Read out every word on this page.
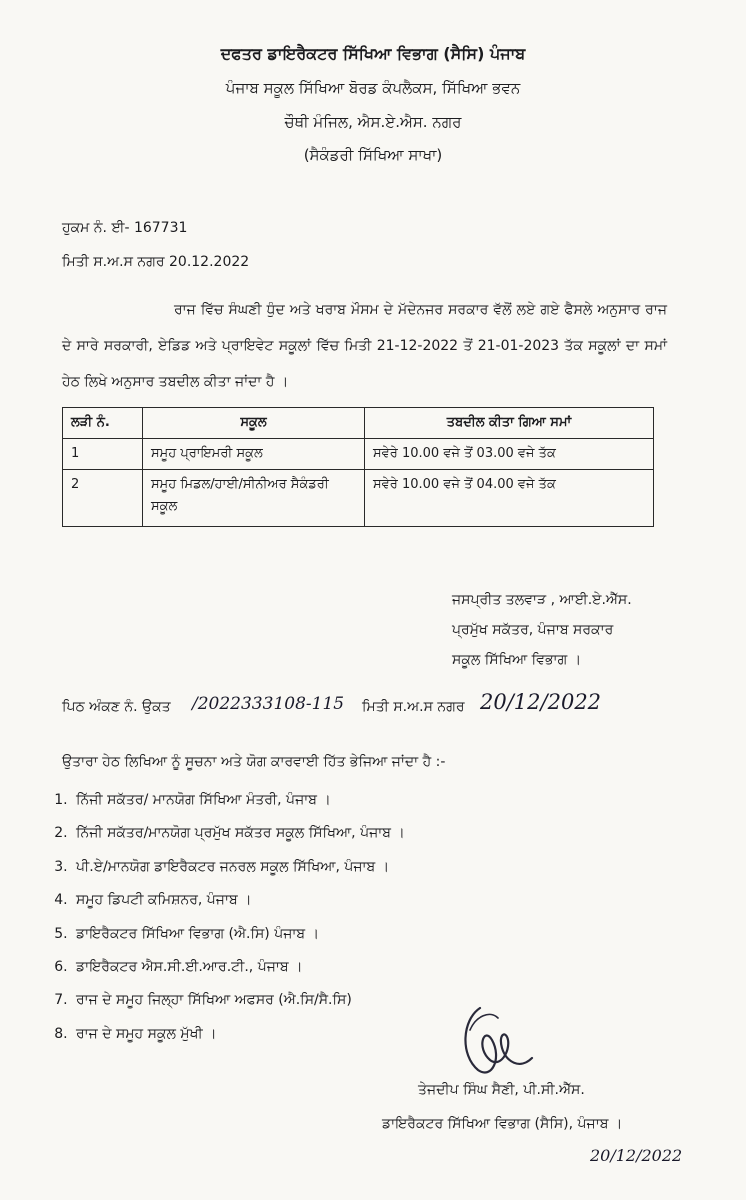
ਦਫਤਰ ਡਾਇਰੈਕਟਰ ਸਿੱਖਿਆ ਵਿਭਾਗ (ਸੈਸਿ) ਪੰਜਾਬ
ਪੰਜਾਬ ਸਕੂਲ ਸਿੱਖਿਆ ਬੋਰਡ ਕੰਪਲੈਕਸ, ਸਿੱਖਿਆ ਭਵਨ
ਚੌਥੀ ਮੰਜਿਲ, ਐਸ.ਏ.ਐਸ. ਨਗਰ
(ਸੈਕੰਡਰੀ ਸਿੱਖਿਆ ਸਾਖਾ)
ਹੁਕਮ ਨੰ. ਈ- 167731
ਮਿਤੀ ਸ.ਅ.ਸ ਨਗਰ 20.12.2022
ਰਾਜ ਵਿੱਚ ਸੰਘਣੀ ਧੁੰਦ ਅਤੇ ਖਰਾਬ ਮੌਸਮ ਦੇ ਮੱਦੇਨਜਰ ਸਰਕਾਰ ਵੱਲੋਂ ਲਏ ਗਏ ਫੈਸਲੇ ਅਨੁਸਾਰ ਰਾਜ ਦੇ ਸਾਰੇ ਸਰਕਾਰੀ, ਏਡਿਡ ਅਤੇ ਪ੍ਰਾਇਵੇਟ ਸਕੂਲਾਂ ਵਿੱਚ ਮਿਤੀ 21-12-2022 ਤੋਂ 21-01-2023 ਤੱਕ ਸਕੂਲਾਂ ਦਾ ਸਮਾਂ ਹੇਠ ਲਿਖੇ ਅਨੁਸਾਰ ਤਬਦੀਲ ਕੀਤਾ ਜਾਂਦਾ ਹੈ ।
ਲੜੀ ਨੰ.	ਸਕੂਲ	ਤਬਦੀਲ ਕੀਤਾ ਗਿਆ ਸਮਾਂ
1	ਸਮੂਹ ਪ੍ਰਾਇਮਰੀ ਸਕੂਲ	ਸਵੇਰੇ 10.00 ਵਜੇ ਤੋਂ 03.00 ਵਜੇ ਤੱਕ
2	ਸਮੂਹ ਮਿਡਲ/ਹਾਈ/ਸੀਨੀਅਰ ਸੈਕੰਡਰੀ ਸਕੂਲ	ਸਵੇਰੇ 10.00 ਵਜੇ ਤੋਂ 04.00 ਵਜੇ ਤੱਕ
ਜਸਪ੍ਰੀਤ ਤਲਵਾੜ , ਆਈ.ਏ.ਐੱਸ.
ਪ੍ਰਮੁੱਖ ਸਕੱਤਰ, ਪੰਜਾਬ ਸਰਕਾਰ
ਸਕੂਲ ਸਿੱਖਿਆ ਵਿਭਾਗ ।
ਪਿਠ ਅੰਕਣ ਨੰ. ਉਕਤ /2022333108-115 ਮਿਤੀ ਸ.ਅ.ਸ ਨਗਰ 20/12/2022
ਉਤਾਰਾ ਹੇਠ ਲਿਖਿਆ ਨੂੰ ਸੂਚਨਾ ਅਤੇ ਯੋਗ ਕਾਰਵਾਈ ਹਿੱਤ ਭੇਜਿਆ ਜਾਂਦਾ ਹੈ :-
1. ਨਿੱਜੀ ਸਕੱਤਰ/ ਮਾਨਯੋਗ ਸਿੱਖਿਆ ਮੰਤਰੀ, ਪੰਜਾਬ ।
2. ਨਿੱਜੀ ਸਕੱਤਰ/ਮਾਨਯੋਗ ਪ੍ਰਮੁੱਖ ਸਕੱਤਰ ਸਕੂਲ ਸਿੱਖਿਆ, ਪੰਜਾਬ ।
3. ਪੀ.ਏ/ਮਾਨਯੋਗ ਡਾਇਰੈਕਟਰ ਜਨਰਲ ਸਕੂਲ ਸਿੱਖਿਆ, ਪੰਜਾਬ ।
4. ਸਮੂਹ ਡਿਪਟੀ ਕਮਿਸ਼ਨਰ, ਪੰਜਾਬ ।
5. ਡਾਇਰੈਕਟਰ ਸਿੱਖਿਆ ਵਿਭਾਗ (ਐ.ਸਿ) ਪੰਜਾਬ ।
6. ਡਾਇਰੈਕਟਰ ਐਸ.ਸੀ.ਈ.ਆਰ.ਟੀ., ਪੰਜਾਬ ।
7. ਰਾਜ ਦੇ ਸਮੂਹ ਜਿਲ੍ਹਾ ਸਿੱਖਿਆ ਅਫਸਰ (ਐ.ਸਿ/ਸੈ.ਸਿ)
8. ਰਾਜ ਦੇ ਸਮੂਹ ਸਕੂਲ ਮੁੱਖੀ ।
ਤੇਜਦੀਪ ਸਿੰਘ ਸੈਣੀ, ਪੀ.ਸੀ.ਐੱਸ.
ਡਾਇਰੈਕਟਰ ਸਿੱਖਿਆ ਵਿਭਾਗ (ਸੈਸਿ), ਪੰਜਾਬ ।
20/12/2022
